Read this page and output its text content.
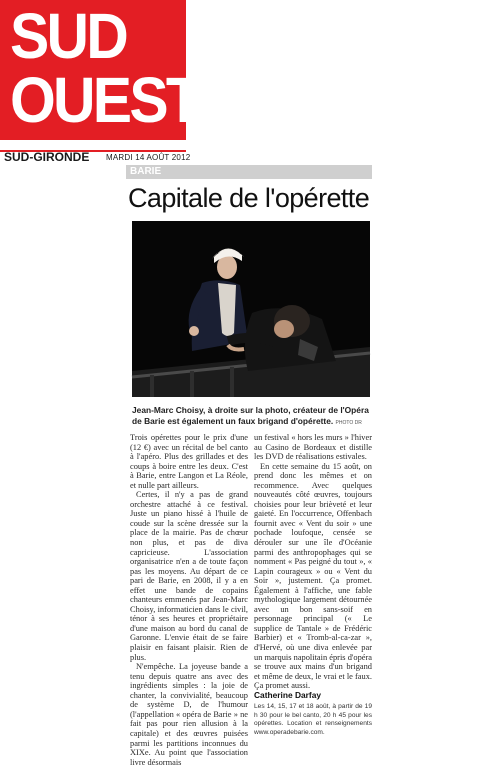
SUD
OUEST
SUD-GIRONDE MARDI 14 AOÛT 2012
BARIE
Capitale de l'opérette

Jean-Marc Choisy, à droite sur la photo, créateur de l'Opéra de Barie est également un faux brigand d'opérette. PHOTO DR

Trois opérettes pour le prix d'une (12 €) avec un récital de bel canto à l'apéro. Plus des grillades et des coups à boire entre les deux. C'est à Barie, entre Langon et La Réole, et nulle part ailleurs.

Certes, il n'y a pas de grand orchestre attaché à ce festival. Juste un piano hissé à l'huile de coude sur la scène dressée sur la place de la mairie. Pas de chœur non plus, et pas de diva capricieuse. L'association organisatrice n'en a de toute façon pas les moyens. Au départ de ce pari de Barie, en 2008, il y a en effet une bande de copains chanteurs emmenés par Jean-Marc Choisy, informaticien dans le civil, ténor à ses heures et propriétaire d'une maison au bord du canal de Garonne. L'envie était de se faire plaisir en faisant plaisir. Rien de plus.

N'empêche. La joyeuse bande a tenu depuis quatre ans avec des ingrédients simples : la joie de chanter, la convivialité, beaucoup de système D, de l'humour (l'appellation « opéra de Barie » ne fait pas pour rien allusion à la capitale) et des œuvres puisées parmi les partitions inconnues du XIXe. Au point que l'association livre désormais

un festival « hors les murs » l'hiver au Casino de Bordeaux et distille les DVD de réalisations estivales.

En cette semaine du 15 août, on prend donc les mêmes et on recommence. Avec quelques nouveautés côté œuvres, toujours choisies pour leur brièveté et leur gaieté. En l'occurrence, Offenbach fournit avec « Vent du soir » une pochade loufoque, censée se dérouler sur une île d'Océanie parmi des anthropophages qui se nomment « Pas peigné du tout », « Lapin courageux » ou « Vent du Soir », justement. Ça promet. Également à l'affiche, une fable mythologique largement détournée avec un bon sans-soif en personnage principal (« Le supplice de Tantale » de Frédéric Barbier) et « Tromb-al-ca-zar », d'Hervé, où une diva enlevée par un marquis napolitain épris d'opéra se trouve aux mains d'un brigand et même de deux, le vrai et le faux. Ça promet aussi.

Catherine Darfay

Les 14, 15, 17 et 18 août, à partir de 19 h 30 pour le bel canto, 20 h 45 pour les opérettes. Location et renseignements www.operadebarie.com.
